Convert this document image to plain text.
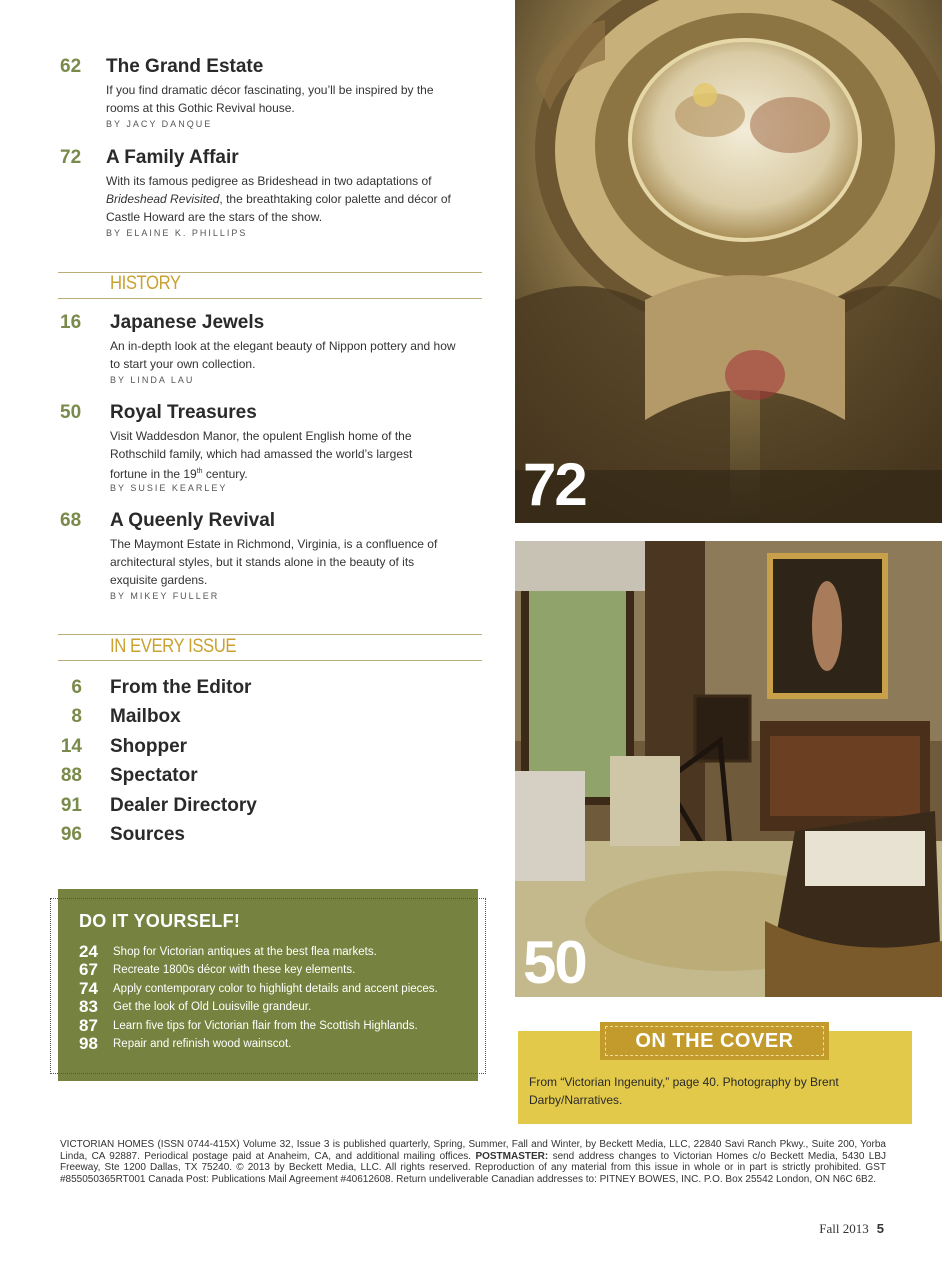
62 The Grand Estate

If you find dramatic décor fascinating, you’ll be inspired by the rooms at this Gothic Revival house.

BY JACY DANQUE
72 A Family Affair

With its famous pedigree as Brideshead in two adaptations of Brideshead Revisited, the breathtaking color palette and décor of Castle Howard are the stars of the show.

BY ELAINE K. PHILLIPS
HISTORY
16 Japanese Jewels

An in-depth look at the elegant beauty of Nippon pottery and how to start your own collection.

BY LINDA LAU
50 Royal Treasures

Visit Waddesdon Manor, the opulent English home of the Rothschild family, which had amassed the world’s largest fortune in the 19th century.

BY SUSIE KEARLEY
68 A Queenly Revival

The Maymont Estate in Richmond, Virginia, is a confluence of architectural styles, but it stands alone in the beauty of its exquisite gardens.

BY MIKEY FULLER
IN EVERY ISSUE
6 From the Editor
8 Mailbox
14 Shopper
88 Spectator
91 Dealer Directory
96 Sources
DO IT YOURSELF!
24 Shop for Victorian antiques at the best flea markets.
67 Recreate 1800s décor with these key elements.
74 Apply contemporary color to highlight details and accent pieces.
83 Get the look of Old Louisville grandeur.
87 Learn five tips for Victorian flair from the Scottish Highlands.
98 Repair and refinish wood wainscot.
72
50
ON THE COVER

From “Victorian Ingenuity,” page 40. Photography by Brent Darby/Narratives.

VICTORIAN HOMES (ISSN 0744-415X) Volume 32, Issue 3 is published quarterly, Spring, Summer, Fall and Winter, by Beckett Media, LLC, 22840 Savi Ranch Pkwy., Suite 200, Yorba Linda, CA 92887. Periodical postage paid at Anaheim, CA, and additional mailing offices. POSTMASTER: send address changes to Victorian Homes c/o Beckett Media, 5430 LBJ Freeway, Ste 1200 Dallas, TX 75240. © 2013 by Beckett Media, LLC. All rights reserved. Reproduction of any material from this issue in whole or in part is strictly prohibited. GST #855050365RT001 Canada Post: Publications Mail Agreement #40612608. Return undeliverable Canadian addresses to: PITNEY BOWES, INC. P.O. Box 25542 London, ON N6C 6B2.

Fall 2013 5
